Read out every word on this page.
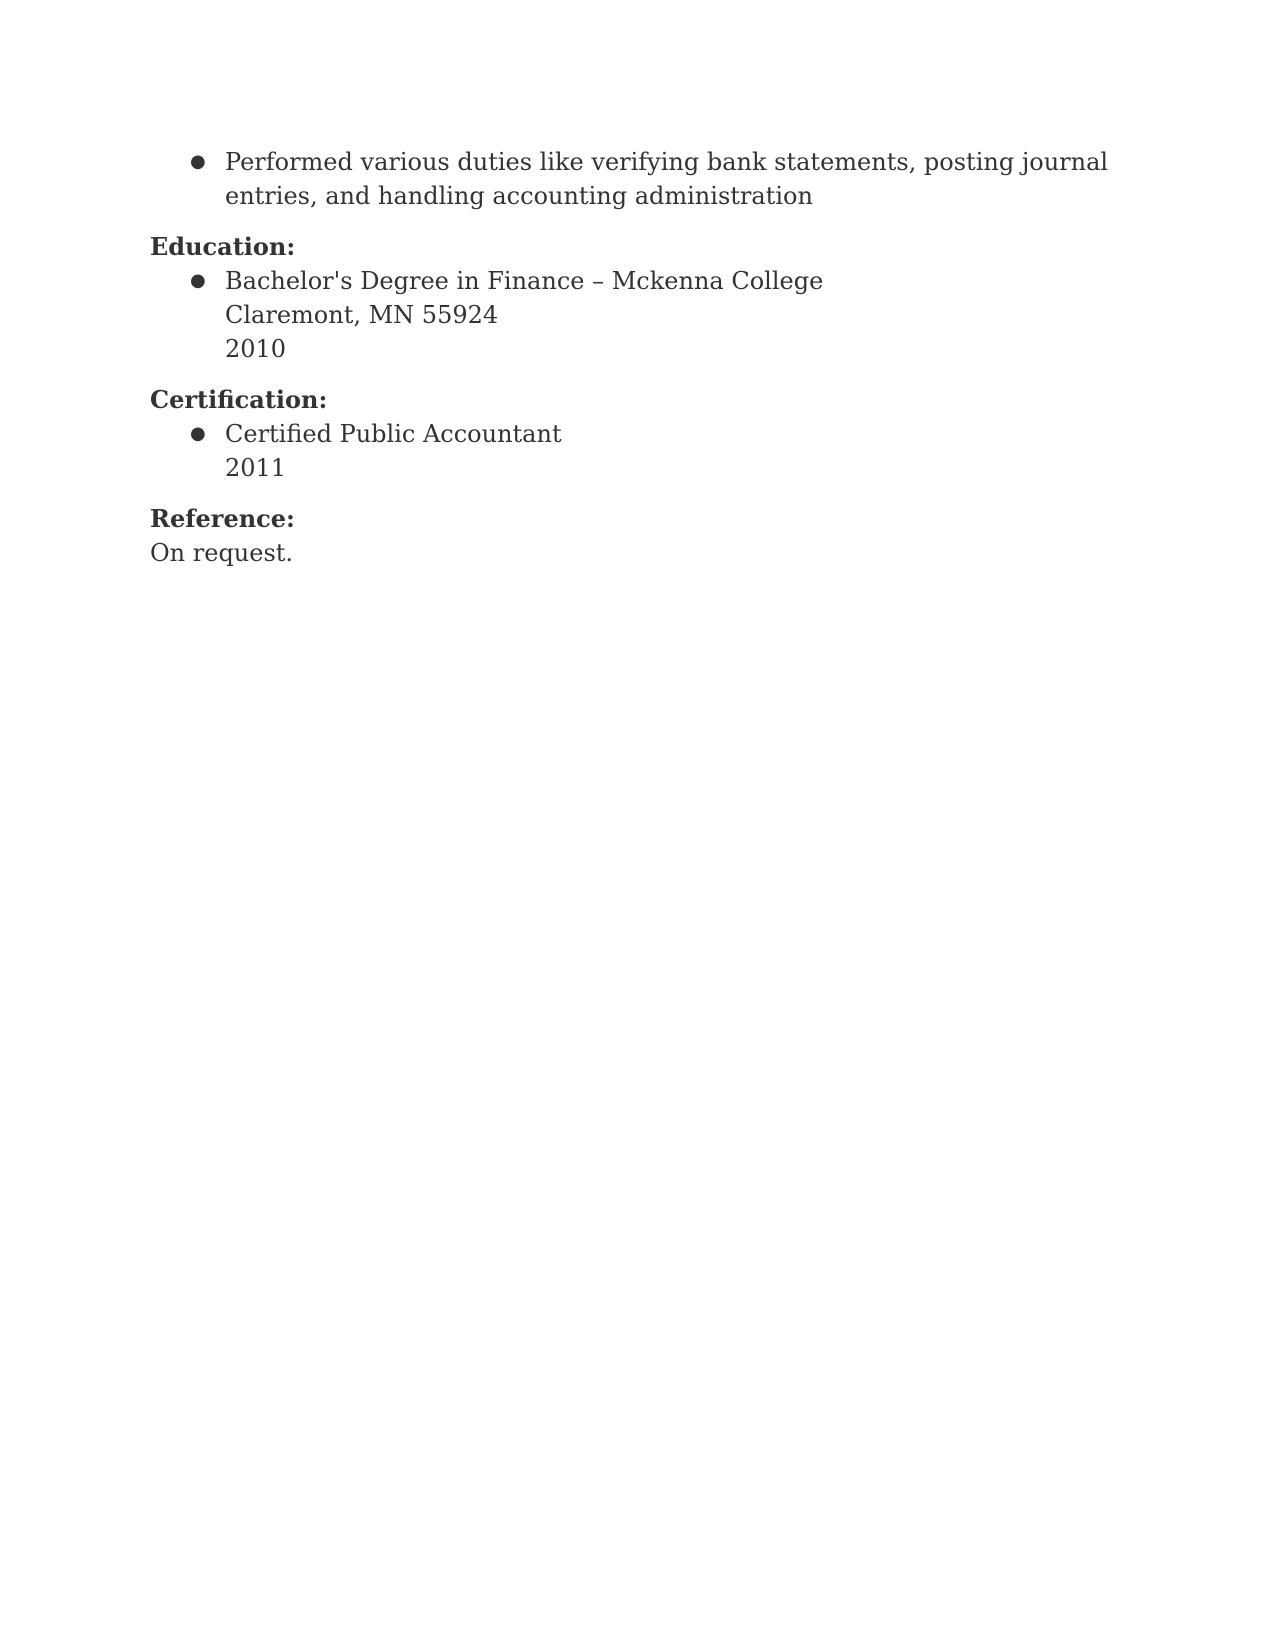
● Performed various duties like verifying bank statements, posting journal entries, and handling accounting administration
Education:
● Bachelor's Degree in Finance – Mckenna College
Claremont, MN 55924
2010
Certification:
● Certified Public Accountant
2011
Reference:

On request.
